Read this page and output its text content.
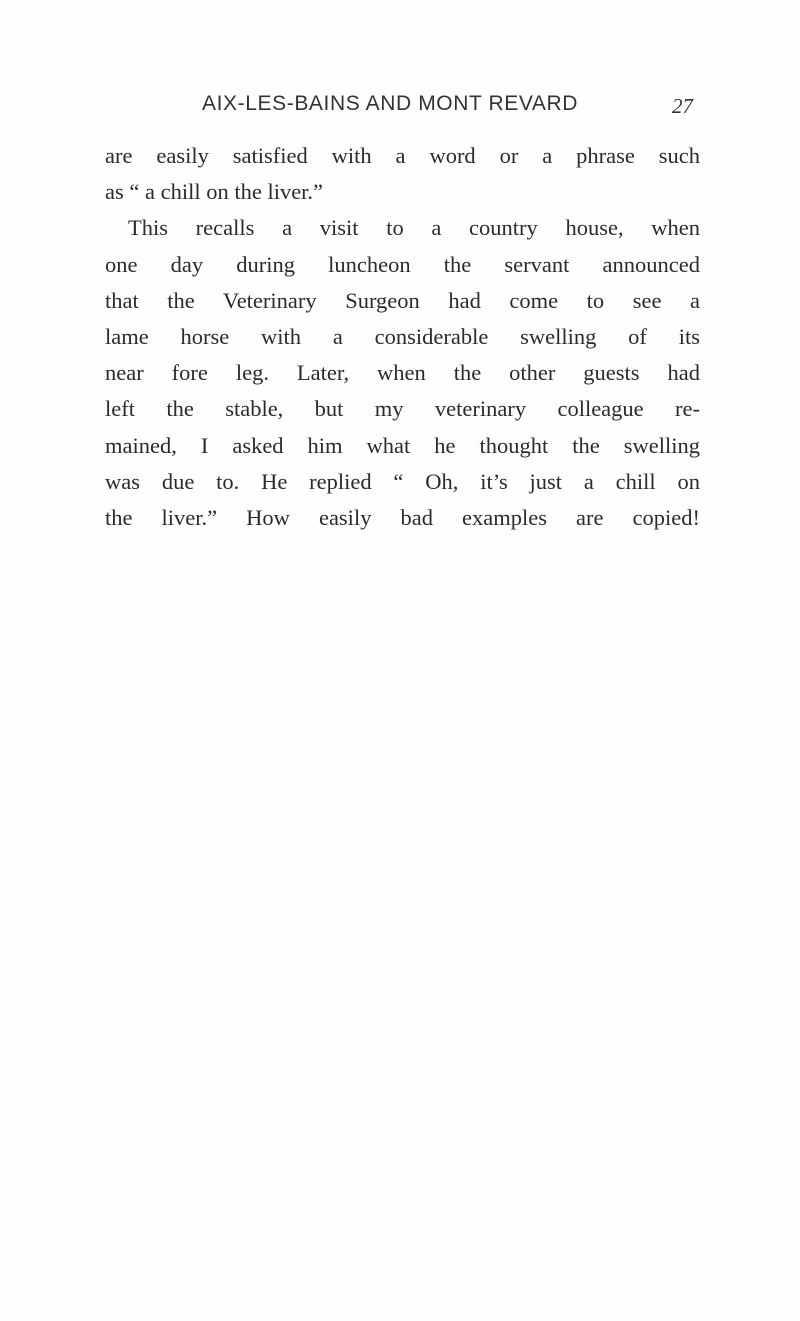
AIX-LES-BAINS AND MONT REVARD	27
are easily satisfied with a word or a phrase such
as “ a chill on the liver.”
This recalls a visit to a country house, when
one day during luncheon the servant announced
that the Veterinary Surgeon had come to see a
lame horse with a considerable swelling of its
near fore leg. Later, when the other guests had
left the stable, but my veterinary colleague re-
mained, I asked him what he thought the swelling
was due to. He replied “ Oh, it’s just a chill on
the liver.” How easily bad examples are copied!
